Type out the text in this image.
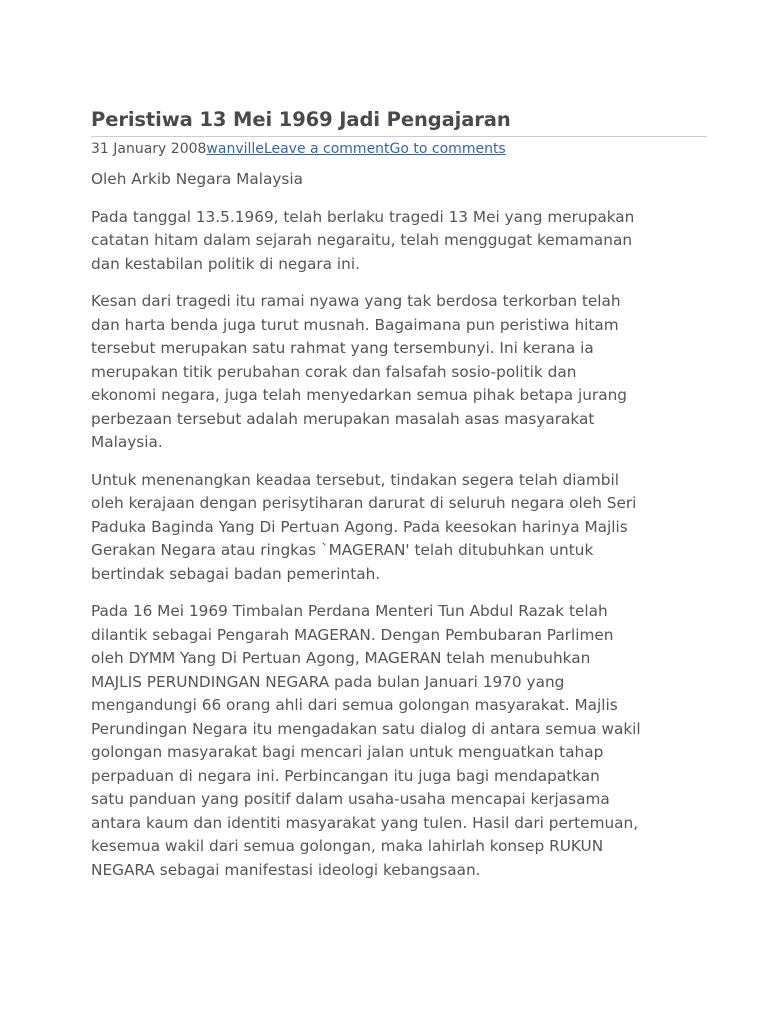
Peristiwa 13 Mei 1969 Jadi Pengajaran
31 January 2008wanvilleLeave a commentGo to comments

Oleh Arkib Negara Malaysia

Pada tanggal 13.5.1969, telah berlaku tragedi 13 Mei yang merupakan
catatan hitam dalam sejarah negaraitu, telah menggugat kemamanan
dan kestabilan politik di negara ini.

Kesan dari tragedi itu ramai nyawa yang tak berdosa terkorban telah
dan harta benda juga turut musnah. Bagaimana pun peristiwa hitam
tersebut merupakan satu rahmat yang tersembunyi. Ini kerana ia
merupakan titik perubahan corak dan falsafah sosio-politik dan
ekonomi negara, juga telah menyedarkan semua pihak betapa jurang
perbezaan tersebut adalah merupakan masalah asas masyarakat
Malaysia.

Untuk menenangkan keadaa tersebut, tindakan segera telah diambil
oleh kerajaan dengan perisytiharan darurat di seluruh negara oleh Seri
Paduka Baginda Yang Di Pertuan Agong. Pada keesokan harinya Majlis
Gerakan Negara atau ringkas `MAGERAN' telah ditubuhkan untuk
bertindak sebagai badan pemerintah.

Pada 16 Mei 1969 Timbalan Perdana Menteri Tun Abdul Razak telah
dilantik sebagai Pengarah MAGERAN. Dengan Pembubaran Parlimen
oleh DYMM Yang Di Pertuan Agong, MAGERAN telah menubuhkan
MAJLIS PERUNDINGAN NEGARA pada bulan Januari 1970 yang
mengandungi 66 orang ahli dari semua golongan masyarakat. Majlis
Perundingan Negara itu mengadakan satu dialog di antara semua wakil
golongan masyarakat bagi mencari jalan untuk menguatkan tahap
perpaduan di negara ini. Perbincangan itu juga bagi mendapatkan
satu panduan yang positif dalam usaha-usaha mencapai kerjasama
antara kaum dan identiti masyarakat yang tulen. Hasil dari pertemuan,
kesemua wakil dari semua golongan, maka lahirlah konsep RUKUN
NEGARA sebagai manifestasi ideologi kebangsaan.
